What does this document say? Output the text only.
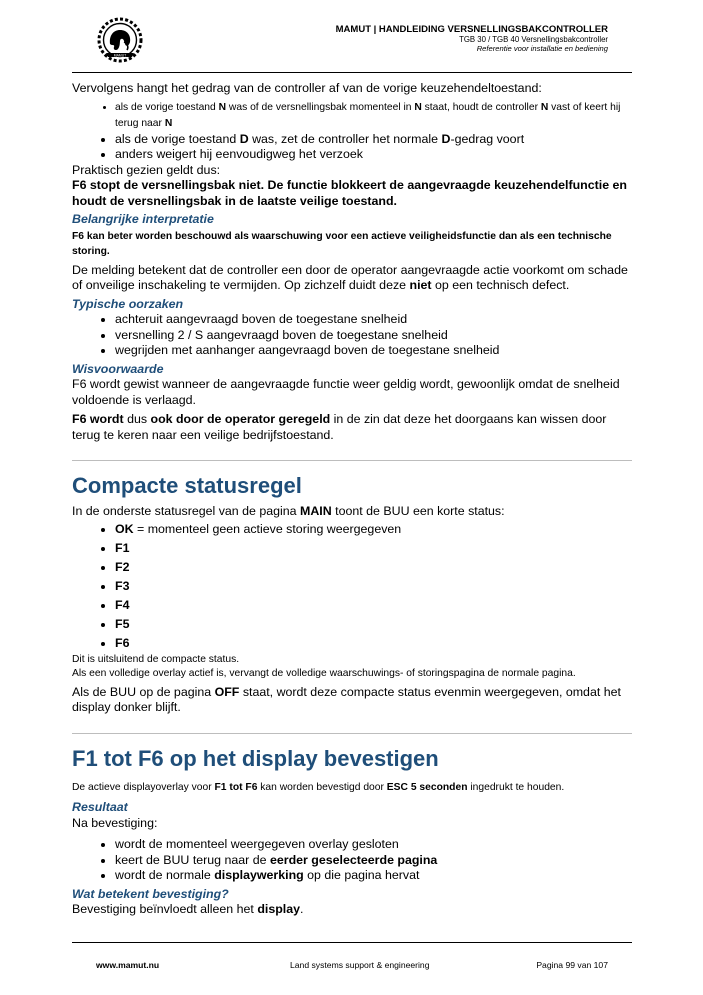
MAMUT
MAMUT | HANDLEIDING VERSNELLINGSBAKCONTROLLER
TGB 30 / TGB 40 Versnellingsbakcontroller
Referentie voor installatie en bediening

Vervolgens hangt het gedrag van de controller af van de vorige keuzehendeltoestand:

• als de vorige toestand N was of de versnellingsbak momenteel in N staat, houdt de controller N vast of keert hij terug naar N
• als de vorige toestand D was, zet de controller het normale D-gedrag voort
• anders weigert hij eenvoudigweg het verzoek

Praktisch gezien geldt dus:

F6 stopt de versnellingsbak niet. De functie blokkeert de aangevraagde keuzehendelfunctie en houdt de versnellingsbak in de laatste veilige toestand.

Belangrijke interpretatie

F6 kan beter worden beschouwd als waarschuwing voor een actieve veiligheidsfunctie dan als een technische storing.

De melding betekent dat de controller een door de operator aangevraagde actie voorkomt om schade of onveilige inschakeling te vermijden. Op zichzelf duidt deze niet op een technisch defect.

Typische oorzaken
• achteruit aangevraagd boven de toegestane snelheid
• versnelling 2 / S aangevraagd boven de toegestane snelheid
• wegrijden met aanhanger aangevraagd boven de toegestane snelheid
Wisvoorwaarde

F6 wordt gewist wanneer de aangevraagde functie weer geldig wordt, gewoonlijk omdat de snelheid voldoende is verlaagd.

F6 wordt dus ook door de operator geregeld in de zin dat deze het doorgaans kan wissen door terug te keren naar een veilige bedrijfstoestand.

Compacte statusregel

In de onderste statusregel van de pagina MAIN toont de BUU een korte status:

• OK = momenteel geen actieve storing weergegeven
• F1
• F2
• F3
• F4
• F5
• F6

Dit is uitsluitend de compacte status.

Als een volledige overlay actief is, vervangt de volledige waarschuwings- of storingspagina de normale pagina.

Als de BUU op de pagina OFF staat, wordt deze compacte status evenmin weergegeven, omdat het display donker blijft.

F1 tot F6 op het display bevestigen

De actieve displayoverlay voor F1 tot F6 kan worden bevestigd door ESC 5 seconden ingedrukt te houden.

Resultaat

Na bevestiging:

• wordt de momenteel weergegeven overlay gesloten
• keert de BUU terug naar de eerder geselecteerde pagina
• wordt de normale displaywerking op die pagina hervat
Wat betekent bevestiging?

Bevestiging beïnvloedt alleen het display.

www.mamut.nu	Land systems support & engineering	Pagina 99 van 107
